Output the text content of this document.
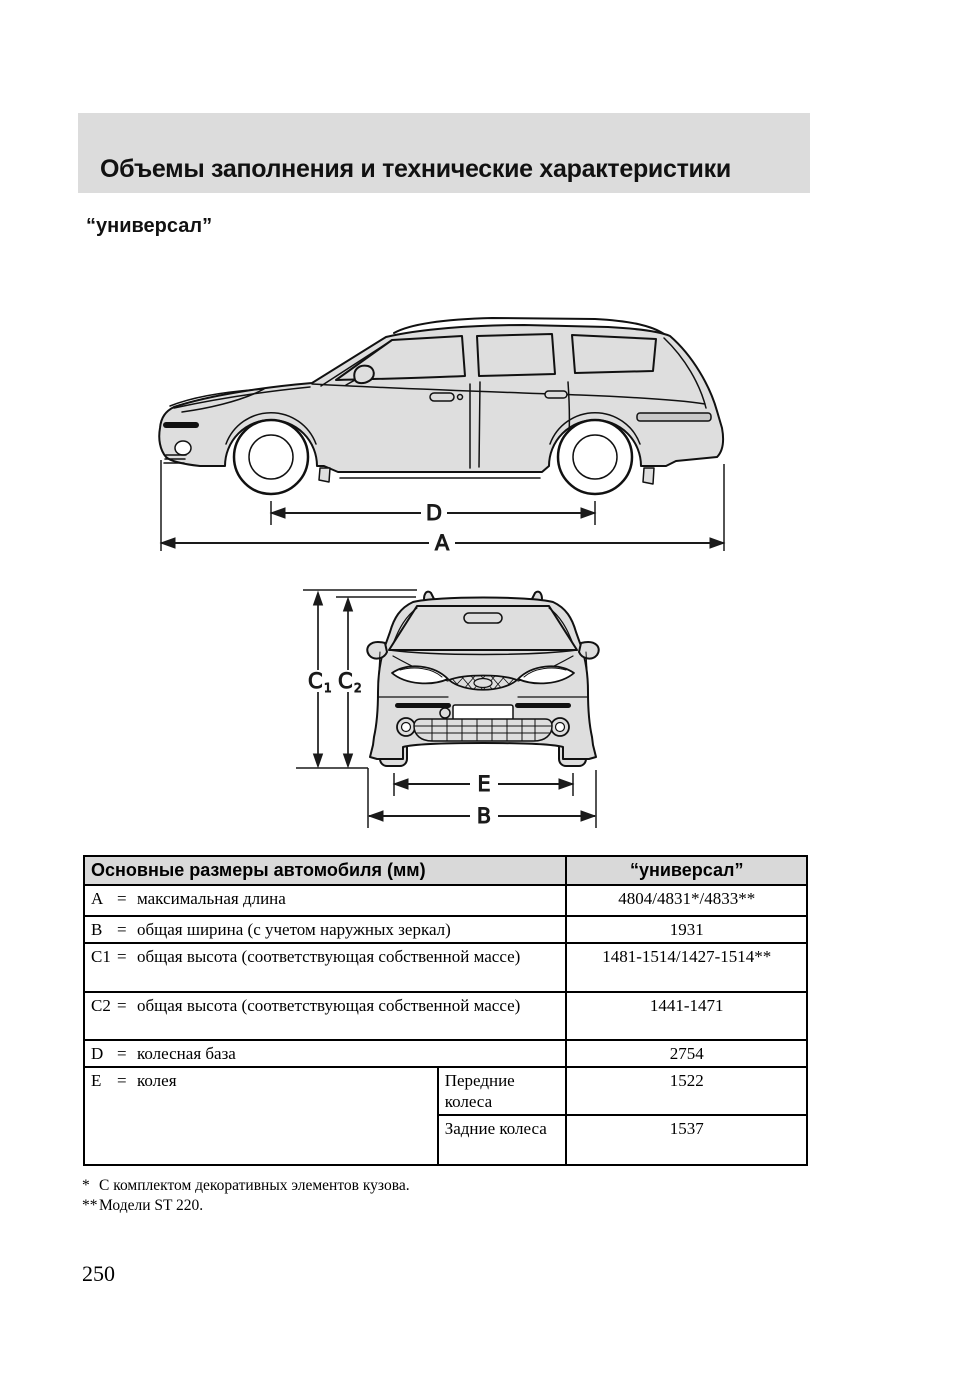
Объемы заполнения и технические характеристики
“универсал”
D
A
C 1 C 2
E
B
Основные размеры автомобиля (мм)		“универсал”

A = максимальная длина		4804/4831*/4833**

B = общая ширина (с учетом наружных зеркал)		1931

C1 = общая высота (соответствующая собственной массе)		1481-1514/1427-1514**

C2 = общая высота (соответствующая собственной массе)		1441-1471

D = колесная база		2754

E = колея	Передние колеса	1522
	Задние колеса	1537
* С комплектом декоративных элементов кузова.
** Модели ST 220.
250
